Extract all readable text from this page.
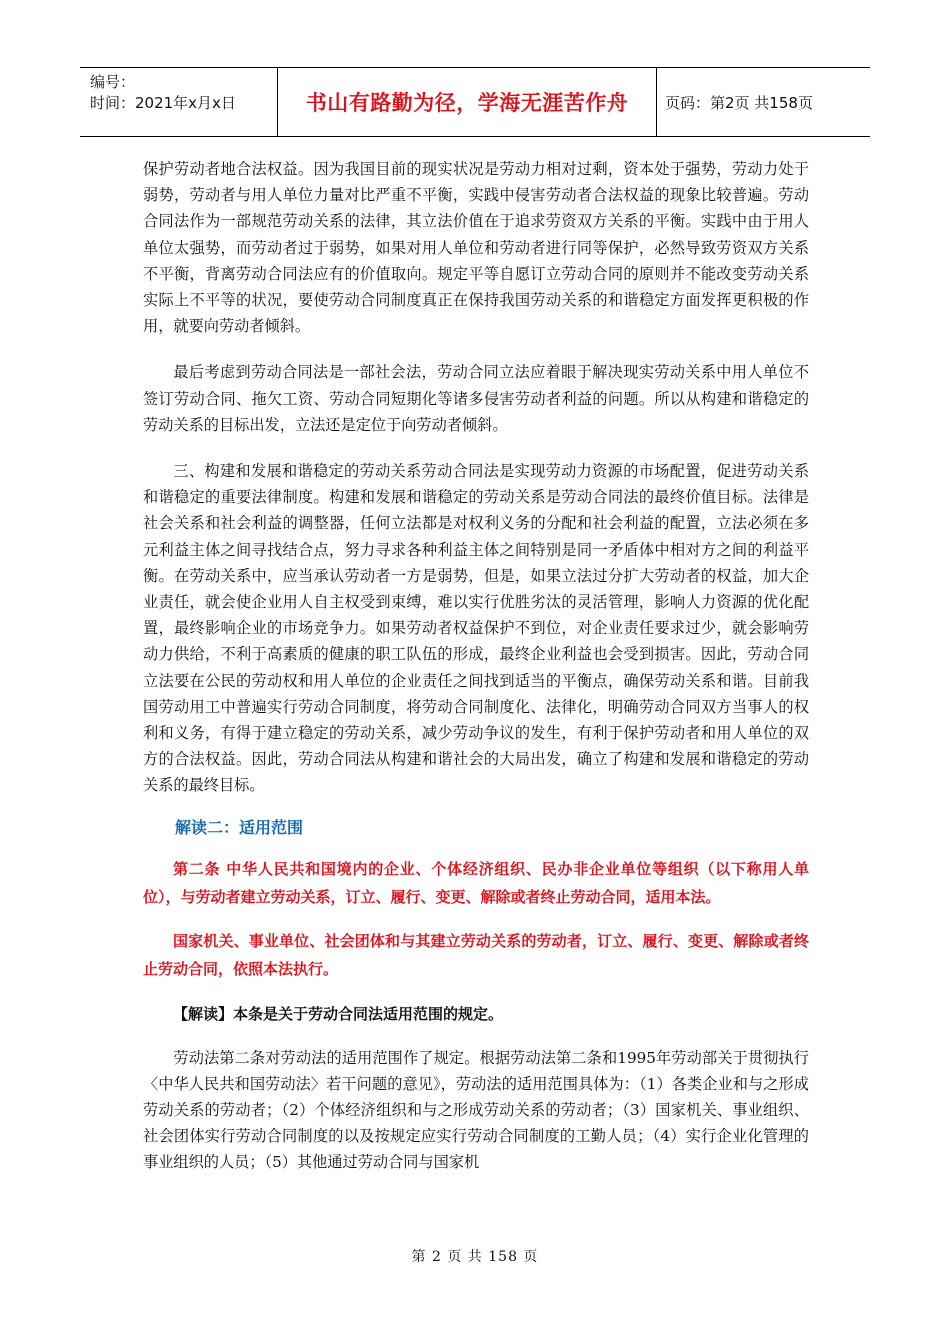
编号：
时间：2021年x月x日	书山有路勤为径，学海无涯苦作舟	页码：第2页 共158页

保护劳动者地合法权益。因为我国目前的现实状况是劳动力相对过剩，资本处于强势，劳动力处于弱势，劳动者与用人单位力量对比严重不平衡，实践中侵害劳动者合法权益的现象比较普遍。劳动合同法作为一部规范劳动关系的法律，其立法价值在于追求劳资双方关系的平衡。实践中由于用人单位太强势，而劳动者过于弱势，如果对用人单位和劳动者进行同等保护，必然导致劳资双方关系不平衡，背离劳动合同法应有的价值取向。规定平等自愿订立劳动合同的原则并不能改变劳动关系实际上不平等的状况，要使劳动合同制度真正在保持我国劳动关系的和谐稳定方面发挥更积极的作用，就要向劳动者倾斜。

最后考虑到劳动合同法是一部社会法，劳动合同立法应着眼于解决现实劳动关系中用人单位不签订劳动合同、拖欠工资、劳动合同短期化等诸多侵害劳动者利益的问题。所以从构建和谐稳定的劳动关系的目标出发，立法还是定位于向劳动者倾斜。

三、构建和发展和谐稳定的劳动关系劳动合同法是实现劳动力资源的市场配置，促进劳动关系和谐稳定的重要法律制度。构建和发展和谐稳定的劳动关系是劳动合同法的最终价值目标。法律是社会关系和社会利益的调整器，任何立法都是对权利义务的分配和社会利益的配置，立法必须在多元利益主体之间寻找结合点，努力寻求各种利益主体之间特别是同一矛盾体中相对方之间的利益平衡。在劳动关系中，应当承认劳动者一方是弱势，但是，如果立法过分扩大劳动者的权益，加大企业责任，就会使企业用人自主权受到束缚，难以实行优胜劣汰的灵活管理，影响人力资源的优化配置，最终影响企业的市场竞争力。如果劳动者权益保护不到位，对企业责任要求过少，就会影响劳动力供给，不利于高素质的健康的职工队伍的形成，最终企业利益也会受到损害。因此，劳动合同立法要在公民的劳动权和用人单位的企业责任之间找到适当的平衡点，确保劳动关系和谐。目前我国劳动用工中普遍实行劳动合同制度，将劳动合同制度化、法律化，明确劳动合同双方当事人的权利和义务，有得于建立稳定的劳动关系，减少劳动争议的发生，有利于保护劳动者和用人单位的双方的合法权益。因此，劳动合同法从构建和谐社会的大局出发，确立了构建和发展和谐稳定的劳动关系的最终目标。

解读二：适用范围

第二条 中华人民共和国境内的企业、个体经济组织、民办非企业单位等组织（以下称用人单位），与劳动者建立劳动关系，订立、履行、变更、解除或者终止劳动合同，适用本法。

国家机关、事业单位、社会团体和与其建立劳动关系的劳动者，订立、履行、变更、解除或者终止劳动合同，依照本法执行。

【解读】本条是关于劳动合同法适用范围的规定。

劳动法第二条对劳动法的适用范围作了规定。根据劳动法第二条和1995年劳动部关于贯彻执行〈中华人民共和国劳动法〉若干问题的意见》，劳动法的适用范围具体为：（1）各类企业和与之形成劳动关系的劳动者；（2）个体经济组织和与之形成劳动关系的劳动者；（3）国家机关、事业组织、社会团体实行劳动合同制度的以及按规定应实行劳动合同制度的工勤人员；（4）实行企业化管理的事业组织的人员；（5）其他通过劳动合同与国家机

第 2 页 共 158 页
